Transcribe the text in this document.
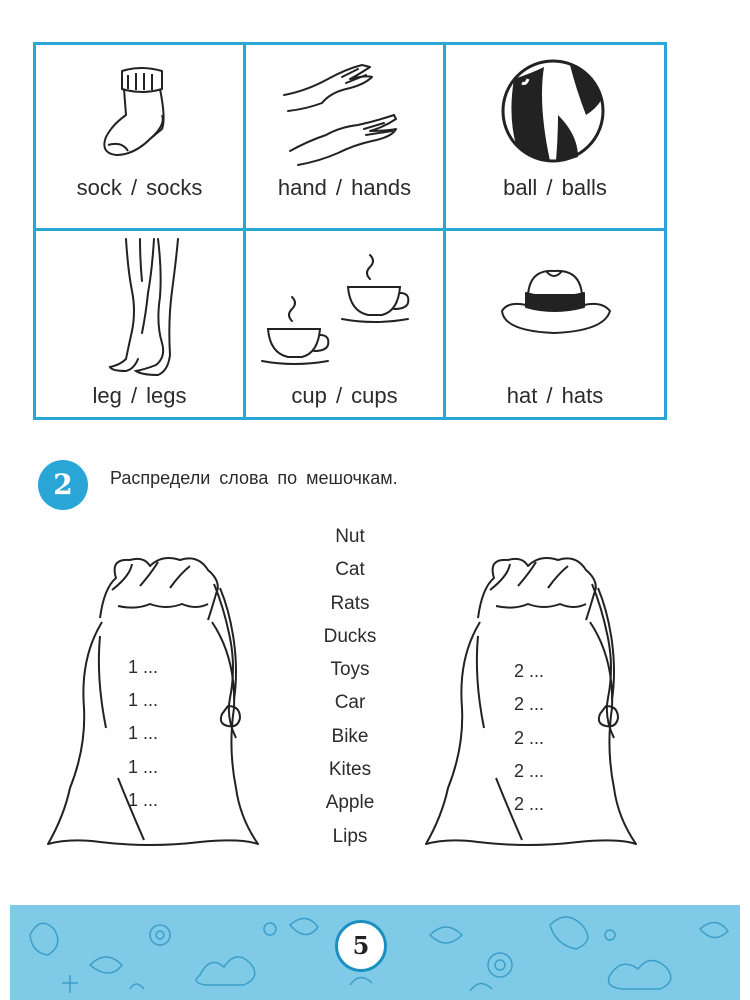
sock / socks	hand / hands	ball / balls
leg / legs	cup / cups	hat / hats
2	Распредели слова по мешочкам.
Nut
Cat
Rats
Ducks
Toys
Car
Bike
Kites
Apple
Lips
1 ...
1 ...
1 ...
1 ...
1 ...
2 ...
2 ...
2 ...
2 ...
2 ...
5
